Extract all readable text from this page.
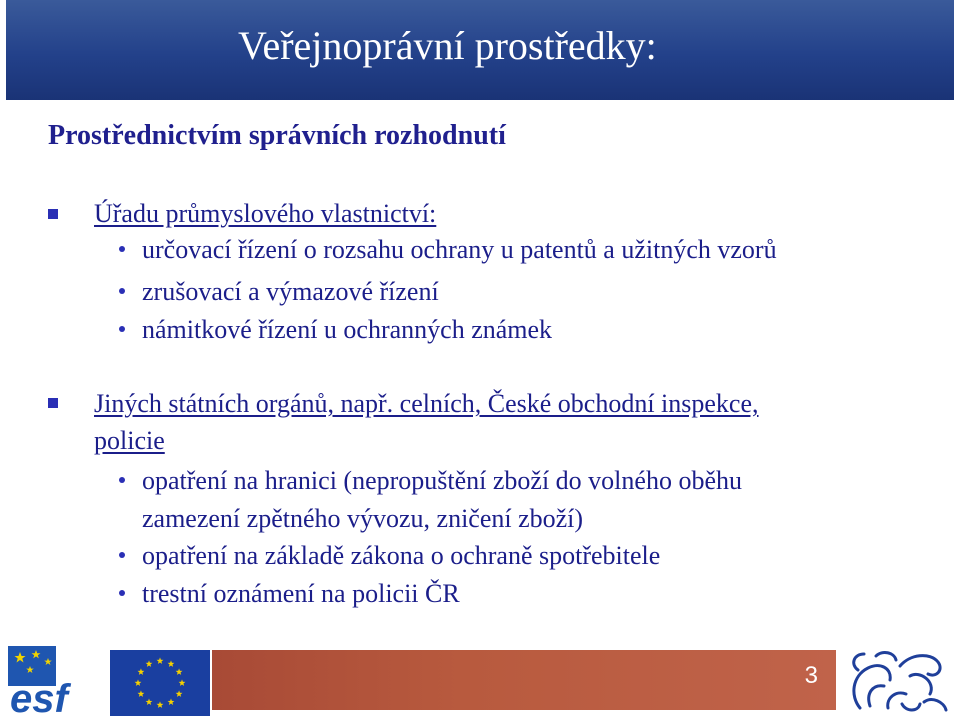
Veřejnoprávní prostředky:
Prostřednictvím správních rozhodnutí
Úřadu průmyslového vlastnictví:
určovací řízení o rozsahu ochrany u patentů a užitných vzorů
zrušovací a výmazové řízení
námitkové řízení u ochranných známek
Jiných státních orgánů, např. celních, České obchodní inspekce,
policie
opatření na hranici (nepropuštění zboží do volného oběhu
zamezení zpětného vývozu, zničení zboží)
opatření na základě zákona o ochraně spotřebitele
trestní oznámení na policii ČR
esf
3
